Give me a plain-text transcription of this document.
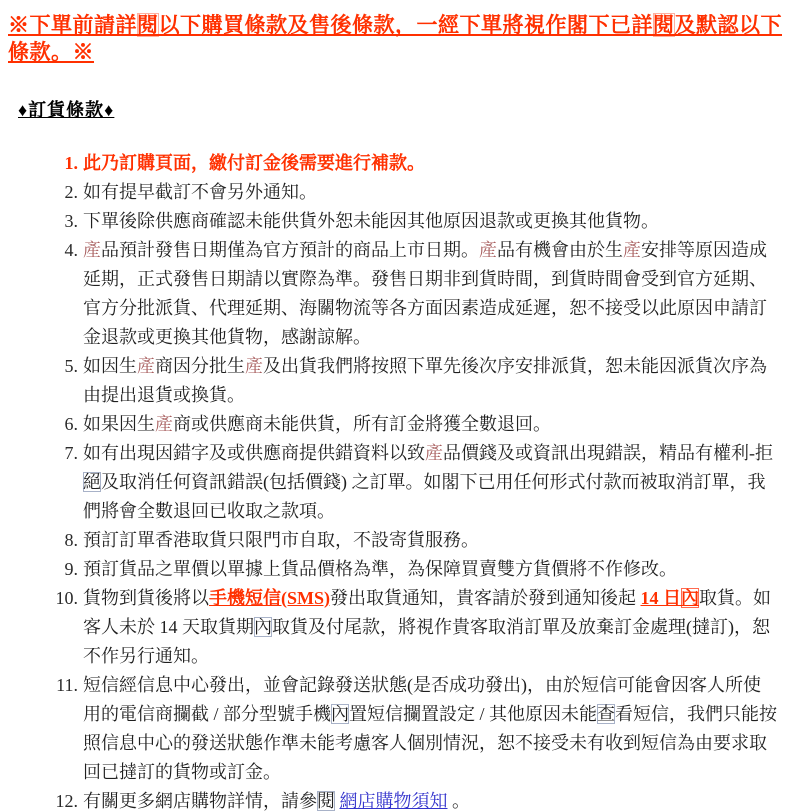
※下單前請詳閱以下購買條款及售後條款，一經下單將視作閣下已詳閱及默認以下條款。※
♦訂貨條款♦
1. 此乃訂購頁面，繳付訂金後需要進行補款。
2. 如有提早截訂不會另外通知。
3. 下單後除供應商確認未能供貨外恕未能因其他原因退款或更換其他貨物。
4. 產品預計發售日期僅為官方預計的商品上市日期。產品有機會由於生產安排等原因造成延期，正式發售日期請以實際為準。發售日期非到貨時間，到貨時間會受到官方延期、官方分批派貨、代理延期、海關物流等各方面因素造成延遲，恕不接受以此原因申請訂金退款或更換其他貨物，感謝諒解。
5. 如因生產商因分批生產及出貨我們將按照下單先後次序安排派貨，恕未能因派貨次序為由提出退貨或換貨。
6. 如果因生產商或供應商未能供貨，所有訂金將獲全數退回。
7. 如有出現因錯字及或供應商提供錯資料以致產品價錢及或資訊出現錯誤，精品有權利-拒絕及取消任何資訊錯誤(包括價錢) 之訂單。如閣下已用任何形式付款而被取消訂單，我們將會全數退回已收取之款項。
8. 預訂訂單香港取貨只限門市自取，不設寄貨服務。
9. 預訂貨品之單價以單據上貨品價格為準，為保障買賣雙方貨價將不作修改。
10. 貨物到貨後將以手機短信(SMS)發出取貨通知，貴客請於發到通知後起 14 日內取貨。如客人未於 14 天取貨期內取貨及付尾款，將視作貴客取消訂單及放棄訂金處理(撻訂)，恕不作另行通知。
11. 短信經信息中心發出，並會記錄發送狀態(是否成功發出)，由於短信可能會因客人所使用的電信商攔截 / 部分型號手機內置短信攔置設定 / 其他原因未能查看短信，我們只能按照信息中心的發送狀態作準未能考慮客人個別情況，恕不接受未有收到短信為由要求取回已撻訂的貨物或訂金。
12. 有關更多網店購物詳情，請參閱 網店購物須知 。
